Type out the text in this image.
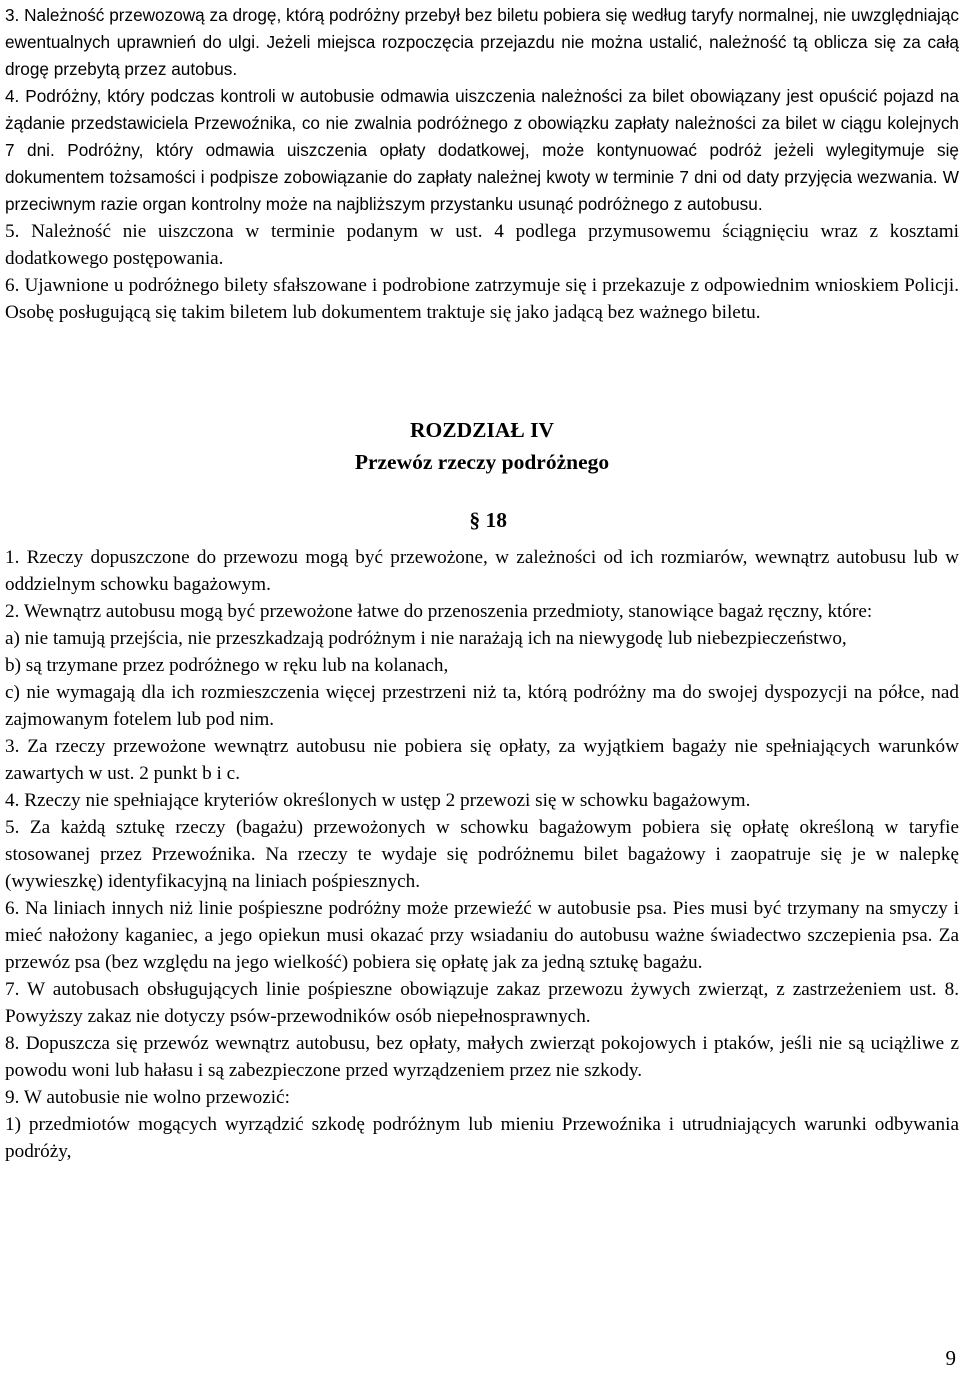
3. Należność przewozową za drogę, którą podróżny przebył bez biletu pobiera się według taryfy normalnej, nie uwzględniając ewentualnych uprawnień do ulgi. Jeżeli miejsca rozpoczęcia przejazdu nie można ustalić, należność tą oblicza się za całą drogę przebytą przez autobus.

4. Podróżny, który podczas kontroli w autobusie odmawia uiszczenia należności za bilet obowiązany jest opuścić pojazd na żądanie przedstawiciela Przewoźnika, co nie zwalnia podróżnego z obowiązku zapłaty należności za bilet w ciągu kolejnych 7 dni. Podróżny, który odmawia uiszczenia opłaty dodatkowej, może kontynuować podróż jeżeli wylegitymuje się dokumentem tożsamości i podpisze zobowiązanie do zapłaty należnej kwoty w terminie 7 dni od daty przyjęcia wezwania. W przeciwnym razie organ kontrolny może na najbliższym przystanku usunąć podróżnego z autobusu.

5. Należność nie uiszczona w terminie podanym w ust. 4 podlega przymusowemu ściągnięciu wraz z kosztami dodatkowego postępowania.

6. Ujawnione u podróżnego bilety sfałszowane i podrobione zatrzymuje się i przekazuje z odpowiednim wnioskiem Policji. Osobę posługującą się takim biletem lub dokumentem traktuje się jako jadącą bez ważnego biletu.

ROZDZIAŁ IV
Przewóz rzeczy podróżnego
§ 18

1. Rzeczy dopuszczone do przewozu mogą być przewożone, w zależności od ich rozmiarów, wewnątrz autobusu lub w oddzielnym schowku bagażowym.

2. Wewnątrz autobusu mogą być przewożone łatwe do przenoszenia przedmioty, stanowiące bagaż ręczny, które:

a) nie tamują przejścia, nie przeszkadzają podróżnym i nie narażają ich na niewygodę lub niebezpieczeństwo,

b) są trzymane przez podróżnego w ręku lub na kolanach,

c) nie wymagają dla ich rozmieszczenia więcej przestrzeni niż ta, którą podróżny ma do swojej dyspozycji na półce, nad zajmowanym fotelem lub pod nim.

3. Za rzeczy przewożone wewnątrz autobusu nie pobiera się opłaty, za wyjątkiem bagaży nie spełniających warunków zawartych w ust. 2 punkt b i c.

4. Rzeczy nie spełniające kryteriów określonych w ustęp 2 przewozi się w schowku bagażowym.

5. Za każdą sztukę rzeczy (bagażu) przewożonych w schowku bagażowym pobiera się opłatę określoną w taryfie stosowanej przez Przewoźnika. Na rzeczy te wydaje się podróżnemu bilet bagażowy i zaopatruje się je w nalepkę (wywieszkę) identyfikacyjną na liniach pośpiesznych.

6. Na liniach innych niż linie pośpieszne podróżny może przewieźć w autobusie psa. Pies musi być trzymany na smyczy i mieć nałożony kaganiec, a jego opiekun musi okazać przy wsiadaniu do autobusu ważne świadectwo szczepienia psa. Za przewóz psa (bez względu na jego wielkość) pobiera się opłatę jak za jedną sztukę bagażu.

7. W autobusach obsługujących linie pośpieszne obowiązuje zakaz przewozu żywych zwierząt, z zastrzeżeniem ust. 8. Powyższy zakaz nie dotyczy psów-przewodników osób niepełnosprawnych.

8. Dopuszcza się przewóz wewnątrz autobusu, bez opłaty, małych zwierząt pokojowych i ptaków, jeśli nie są uciążliwe z powodu woni lub hałasu i są zabezpieczone przed wyrządzeniem przez nie szkody.

9. W autobusie nie wolno przewozić:

1) przedmiotów mogących wyrządzić szkodę podróżnym lub mieniu Przewoźnika i utrudniających warunki odbywania podróży,

9
